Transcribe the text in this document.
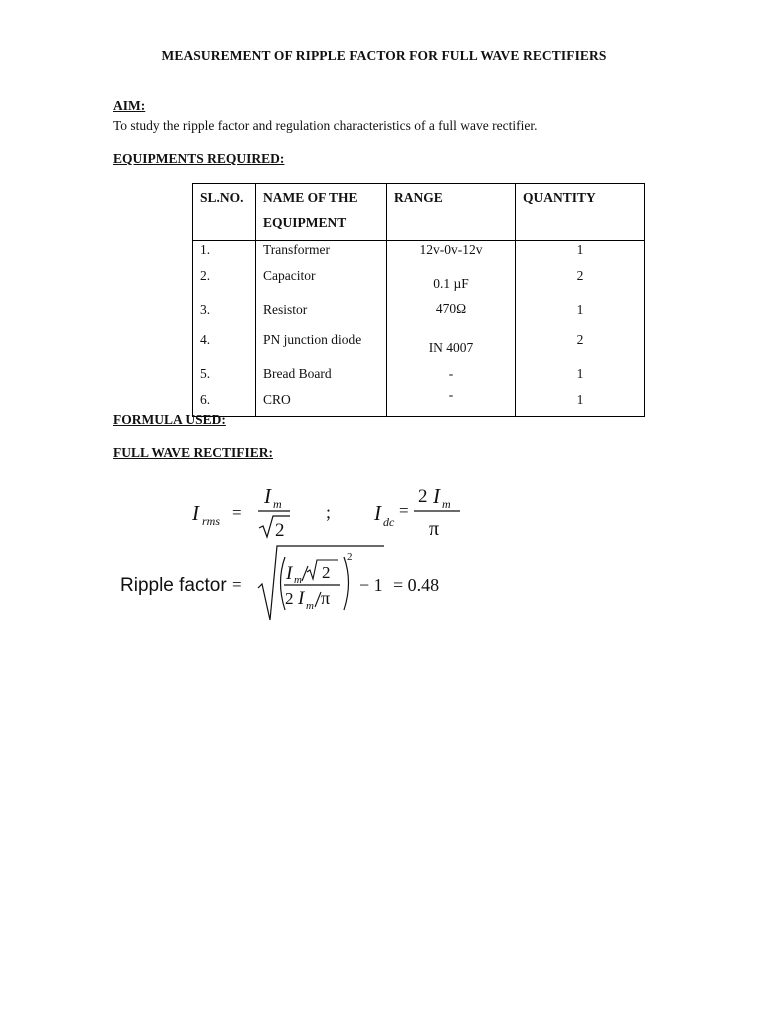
MEASUREMENT OF RIPPLE FACTOR FOR FULL WAVE RECTIFIERS
AIM:
To study the ripple factor and regulation characteristics of a full wave rectifier.
EQUIPMENTS REQUIRED:
SL.NO.	NAME OF THE EQUIPMENT	RANGE	QUANTITY
1.	Transformer	12v-0v-12v	1
2.	Capacitor	0.1 µF	2
3.	Resistor	470Ω	1
4.	PN junction diode	IN 4007	2
5.	Bread Board	-	1
6.	CRO	-	1
FORMULA USED:
FULL WAVE RECTIFIER:
I rms =
I m
2
; I dc
=
2 I m
π
Ripple factor =
2
I m 2
2 I m π
− 1 = 0.48
